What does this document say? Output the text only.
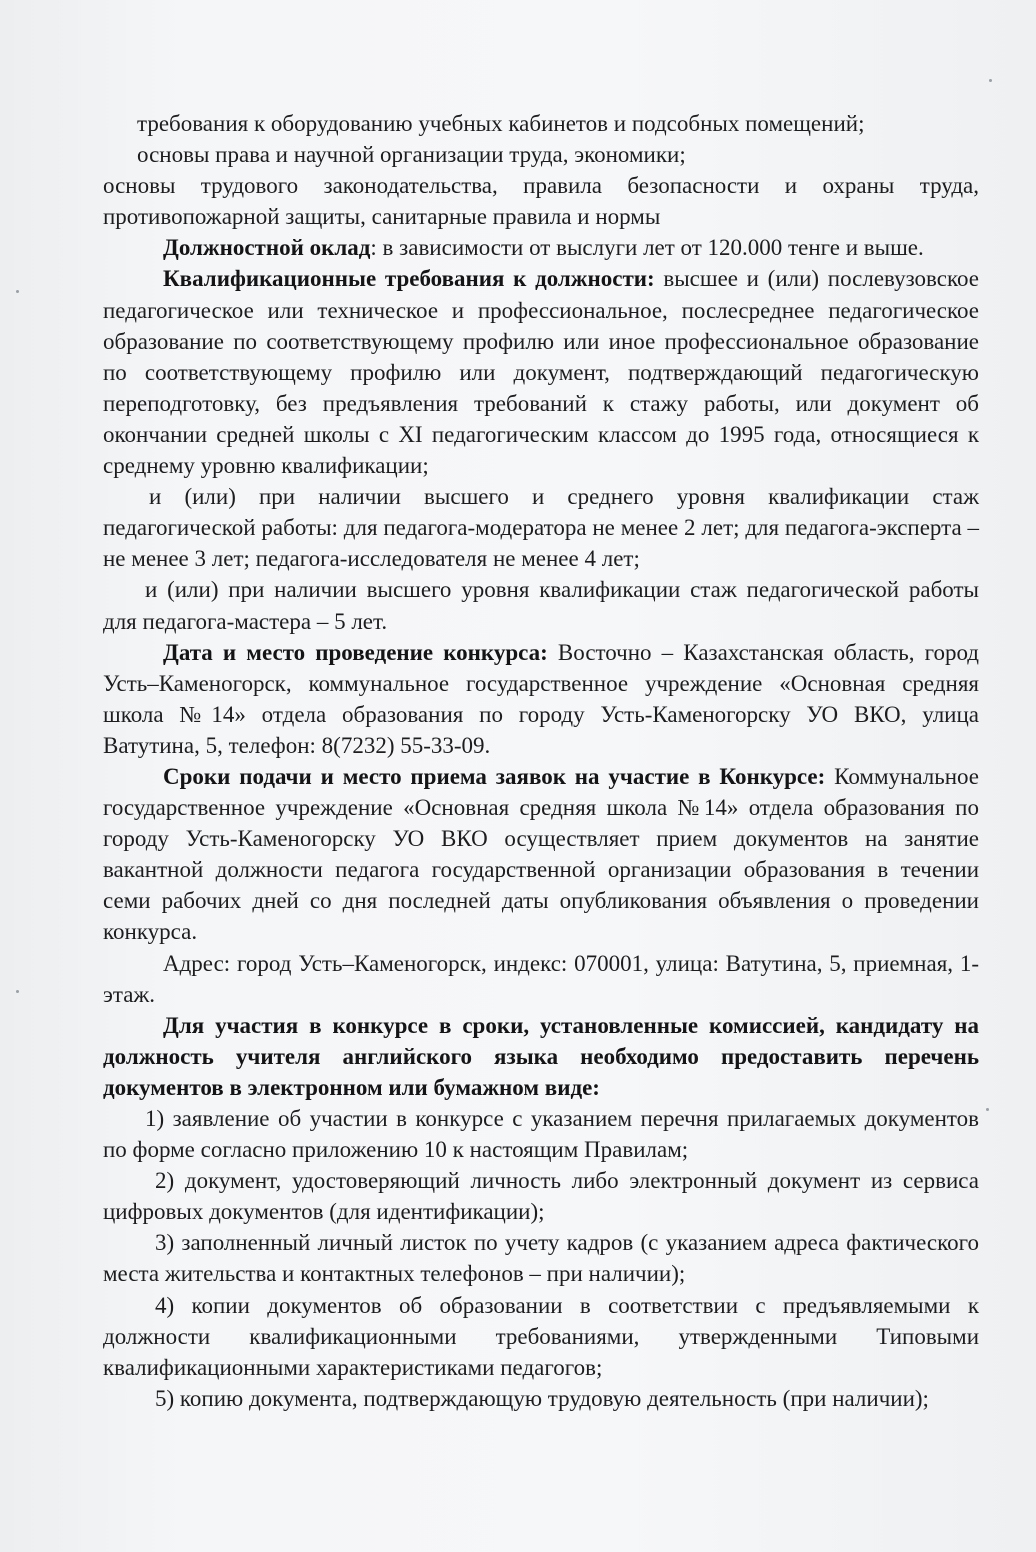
требования к оборудованию учебных кабинетов и подсобных помещений;

основы права и научной организации труда, экономики;

основы трудового законодательства, правила безопасности и охраны труда, противопожарной защиты, санитарные правила и нормы

Должностной оклад: в зависимости от выслуги лет от 120.000 тенге и выше.

Квалификационные требования к должности: высшее и (или) послевузовское педагогическое или техническое и профессиональное, послесреднее педагогическое образование по соответствующему профилю или иное профессиональное образование по соответствующему профилю или документ, подтверждающий педагогическую переподготовку, без предъявления требований к стажу работы, или документ об окончании средней школы с XI педагогическим классом до 1995 года, относящиеся к среднему уровню квалификации;

и (или) при наличии высшего и среднего уровня квалификации стаж педагогической работы: для педагога-модератора не менее 2 лет; для педагога-эксперта – не менее 3 лет; педагога-исследователя не менее 4 лет;

и (или) при наличии высшего уровня квалификации стаж педагогической работы для педагога-мастера – 5 лет.

Дата и место проведение конкурса: Восточно – Казахстанская область, город Усть–Каменогорск, коммунальное государственное учреждение «Основная средняя школа №14» отдела образования по городу Усть-Каменогорску УО ВКО, улица Ватутина, 5, телефон: 8(7232) 55-33-09.

Сроки подачи и место приема заявок на участие в Конкурсе: Коммунальное государственное учреждение «Основная средняя школа №14» отдела образования по городу Усть-Каменогорску УО ВКО осуществляет прием документов на занятие вакантной должности педагога государственной организации образования в течении семи рабочих дней со дня последней даты опубликования объявления о проведении конкурса.

Адрес: город Усть–Каменогорск, индекс: 070001, улица: Ватутина, 5, приемная, 1- этаж.

Для участия в конкурсе в сроки, установленные комиссией, кандидату на должность учителя английского языка необходимо предоставить перечень документов в электронном или бумажном виде:

1) заявление об участии в конкурсе с указанием перечня прилагаемых документов по форме согласно приложению 10 к настоящим Правилам;

2) документ, удостоверяющий личность либо электронный документ из сервиса цифровых документов (для идентификации);

3) заполненный личный листок по учету кадров (с указанием адреса фактического места жительства и контактных телефонов – при наличии);

4) копии документов об образовании в соответствии с предъявляемыми к должности квалификационными требованиями, утвержденными Типовыми квалификационными характеристиками педагогов;

5) копию документа, подтверждающую трудовую деятельность (при наличии);
